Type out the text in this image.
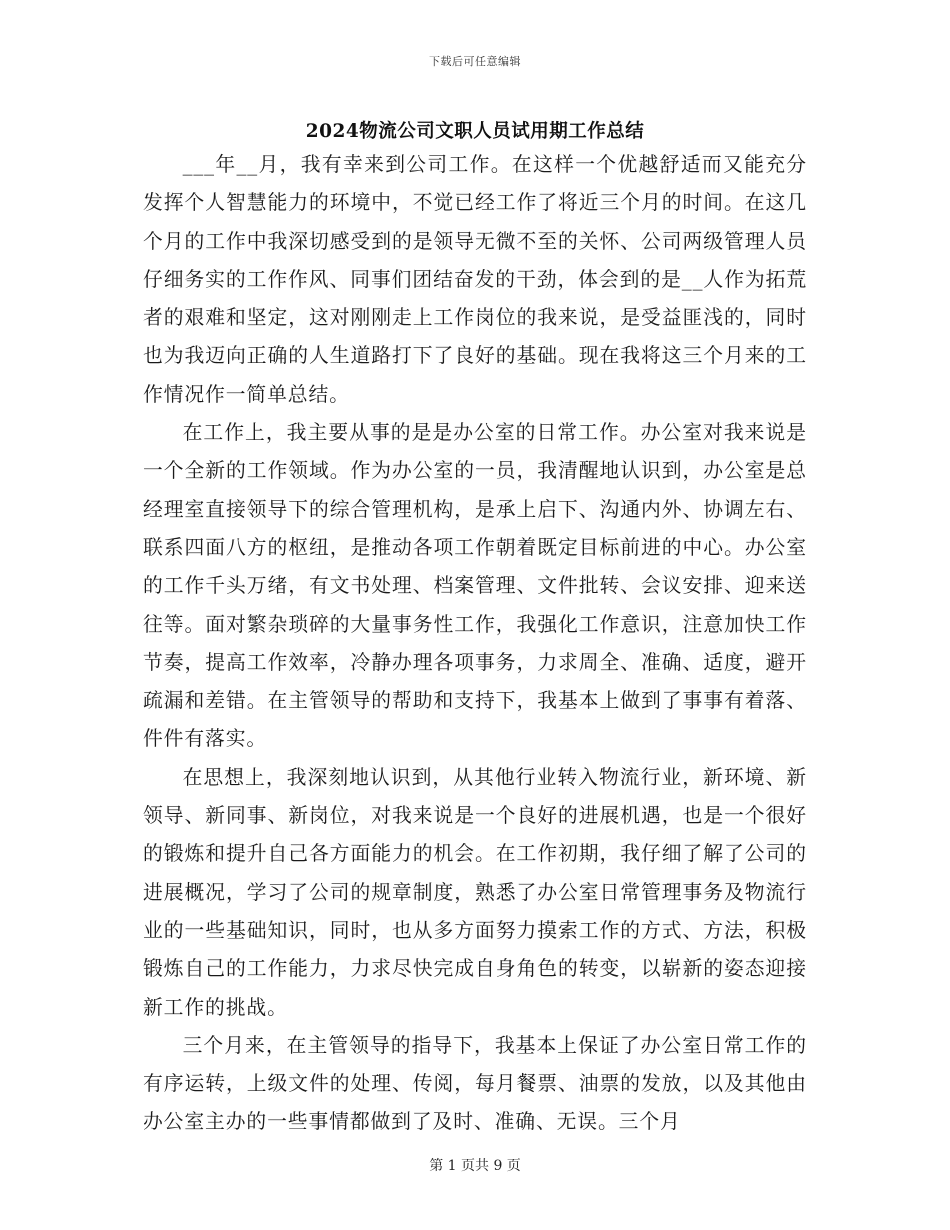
下载后可任意编辑
2024物流公司文职人员试用期工作总结

___年__月，我有幸来到公司工作。在这样一个优越舒适而又能充分发挥个人智慧能力的环境中，不觉已经工作了将近三个月的时间。在这几个月的工作中我深切感受到的是领导无微不至的关怀、公司两级管理人员仔细务实的工作作风、同事们团结奋发的干劲，体会到的是__人作为拓荒者的艰难和坚定，这对刚刚走上工作岗位的我来说，是受益匪浅的，同时也为我迈向正确的人生道路打下了良好的基础。现在我将这三个月来的工作情况作一简单总结。

在工作上，我主要从事的是是办公室的日常工作。办公室对我来说是一个全新的工作领域。作为办公室的一员，我清醒地认识到，办公室是总经理室直接领导下的综合管理机构，是承上启下、沟通内外、协调左右、联系四面八方的枢纽，是推动各项工作朝着既定目标前进的中心。办公室的工作千头万绪，有文书处理、档案管理、文件批转、会议安排、迎来送往等。面对繁杂琐碎的大量事务性工作，我强化工作意识，注意加快工作节奏，提高工作效率，冷静办理各项事务，力求周全、准确、适度，避开疏漏和差错。在主管领导的帮助和支持下，我基本上做到了事事有着落、件件有落实。

在思想上，我深刻地认识到，从其他行业转入物流行业，新环境、新领导、新同事、新岗位，对我来说是一个良好的进展机遇，也是一个很好的锻炼和提升自己各方面能力的机会。在工作初期，我仔细了解了公司的进展概况，学习了公司的规章制度，熟悉了办公室日常管理事务及物流行业的一些基础知识，同时，也从多方面努力摸索工作的方式、方法，积极锻炼自己的工作能力，力求尽快完成自身角色的转变，以崭新的姿态迎接新工作的挑战。

三个月来，在主管领导的指导下，我基本上保证了办公室日常工作的有序运转，上级文件的处理、传阅，每月餐票、油票的发放，以及其他由办公室主办的一些事情都做到了及时、准确、无误。三个月

第 1 页共 9 页
